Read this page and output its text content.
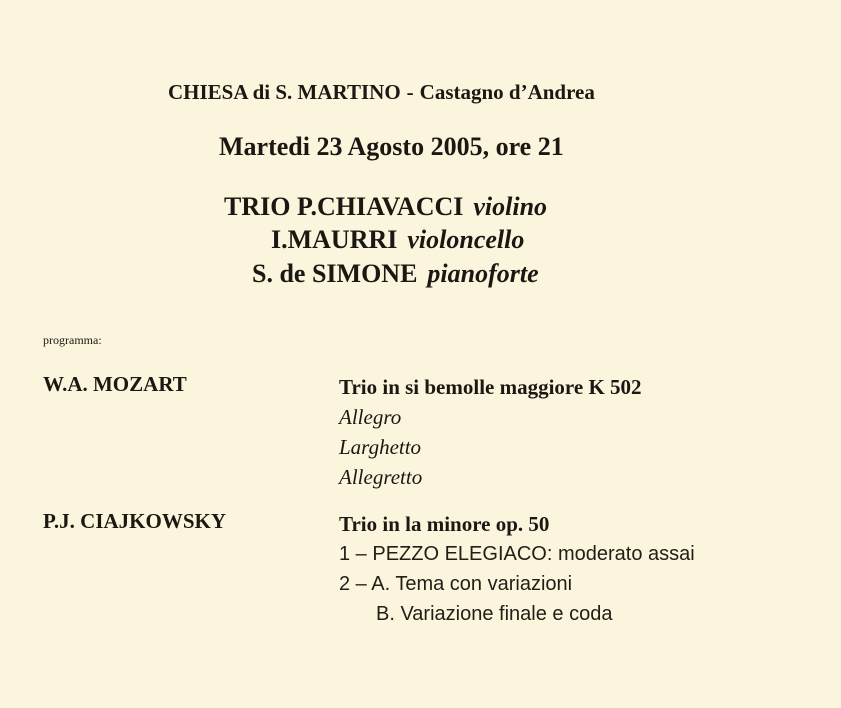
CHIESA di S. MARTINO - Castagno d’Andrea
Martedi 23 Agosto 2005, ore 21
TRIO P.CHIAVACCI violino
I.MAURRI violoncello
S. de SIMONE pianoforte
programma:
W.A. MOZART	Trio in si bemolle maggiore K 502
Allegro
Larghetto
Allegretto
P.J. CIAJKOWSKY	Trio in la minore op. 50
1 – PEZZO ELEGIACO: moderato assai
2 – A. Tema con variazioni
B. Variazione finale e coda
